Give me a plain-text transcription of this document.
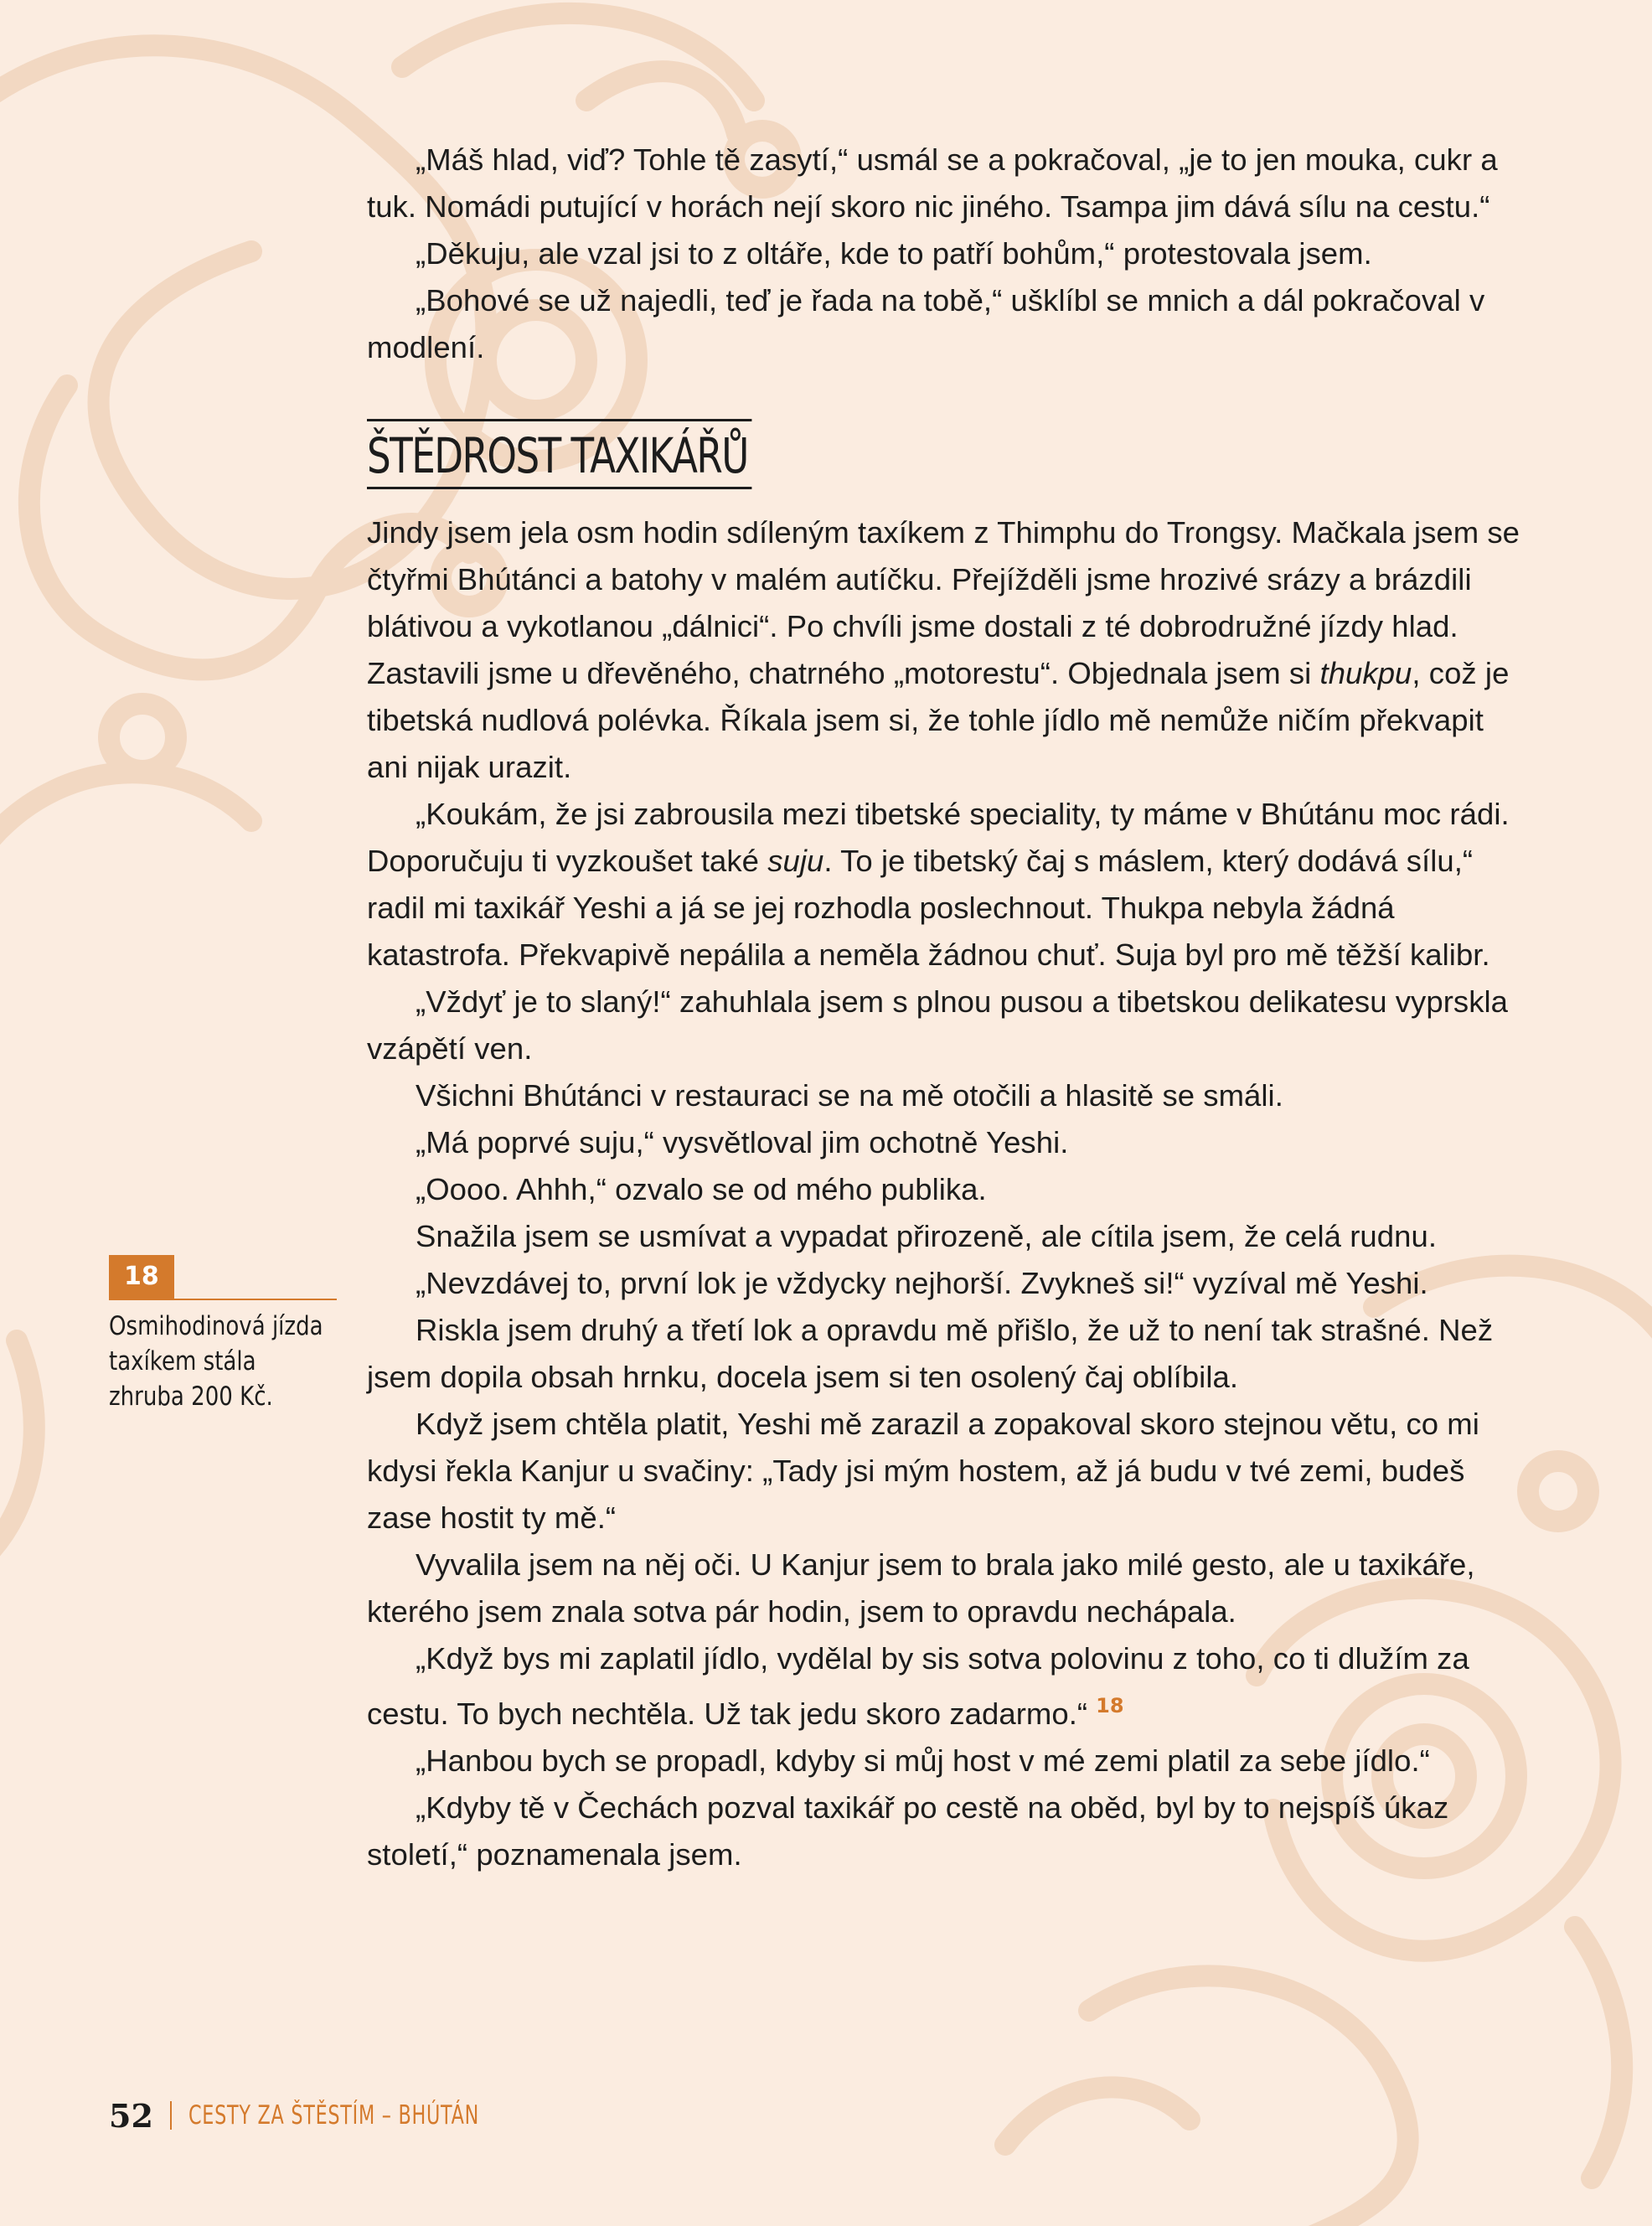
„Máš hlad, viď? Tohle tě zasytí,“ usmál se a pokračoval, „je to jen mouka, cukr a tuk. Nomádi putující v horách nejí skoro nic jiného. Tsampa jim dává sílu na cestu.“

„Děkuju, ale vzal jsi to z oltáře, kde to patří bohům,“ protestovala jsem.

„Bohové se už najedli, teď je řada na tobě,“ ušklíbl se mnich a dál pokračoval v modlení.

ŠTĚDROST TAXIKÁŘŮ

Jindy jsem jela osm hodin sdíleným taxíkem z Thimphu do Trongsy. Mačkala jsem se čtyřmi Bhútánci a batohy v malém autíčku. Přejížděli jsme hrozivé srázy a brázdili blátivou a vykotlanou „dálnici“. Po chvíli jsme dostali z té dobrodružné jízdy hlad. Zastavili jsme u dřevěného, chatrného „motorestu“. Objednala jsem si thukpu, což je tibetská nudlová polévka. Říkala jsem si, že tohle jídlo mě nemůže ničím překvapit ani nijak urazit.

„Koukám, že jsi zabrousila mezi tibetské speciality, ty máme v Bhútánu moc rádi. Doporučuju ti vyzkoušet také suju. To je tibetský čaj s máslem, který dodává sílu,“ radil mi taxikář Yeshi a já se jej rozhodla poslechnout. Thukpa nebyla žádná katastrofa. Překvapivě nepálila a neměla žádnou chuť. Suja byl pro mě těžší kalibr.

„Vždyť je to slaný!“ zahuhlala jsem s plnou pusou a tibetskou delikatesu vyprskla vzápětí ven.

Všichni Bhútánci v restauraci se na mě otočili a hlasitě se smáli.

„Má poprvé suju,“ vysvětloval jim ochotně Yeshi.

„Oooo. Ahhh,“ ozvalo se od mého publika.

Snažila jsem se usmívat a vypadat přirozeně, ale cítila jsem, že celá rudnu.

„Nevzdávej to, první lok je vždycky nejhorší. Zvykneš si!“ vyzíval mě Yeshi.

Riskla jsem druhý a třetí lok a opravdu mě přišlo, že už to není tak strašné. Než jsem dopila obsah hrnku, docela jsem si ten osolený čaj oblíbila.

Když jsem chtěla platit, Yeshi mě zarazil a zopakoval skoro stejnou větu, co mi kdysi řekla Kanjur u svačiny: „Tady jsi mým hostem, až já budu v tvé zemi, budeš zase hostit ty mě.“

Vyvalila jsem na něj oči. U Kanjur jsem to brala jako milé gesto, ale u taxikáře, kterého jsem znala sotva pár hodin, jsem to opravdu nechápala.

„Když bys mi zaplatil jídlo, vydělal by sis sotva polovinu z toho, co ti dlužím za cestu. To bych nechtěla. Už tak jedu skoro zadarmo.“ $^{18}$

„Hanbou bych se propadl, kdyby si můj host v mé zemi platil za sebe jídlo.“

„Kdyby tě v Čechách pozval taxikář po cestě na oběd, byl by to nejspíš úkaz století,“ poznamenala jsem.

18
Osmihodinová jízda taxíkem stála zhruba 200 Kč.
52 CESTY ZA ŠTĚSTÍM – BHÚTÁN
